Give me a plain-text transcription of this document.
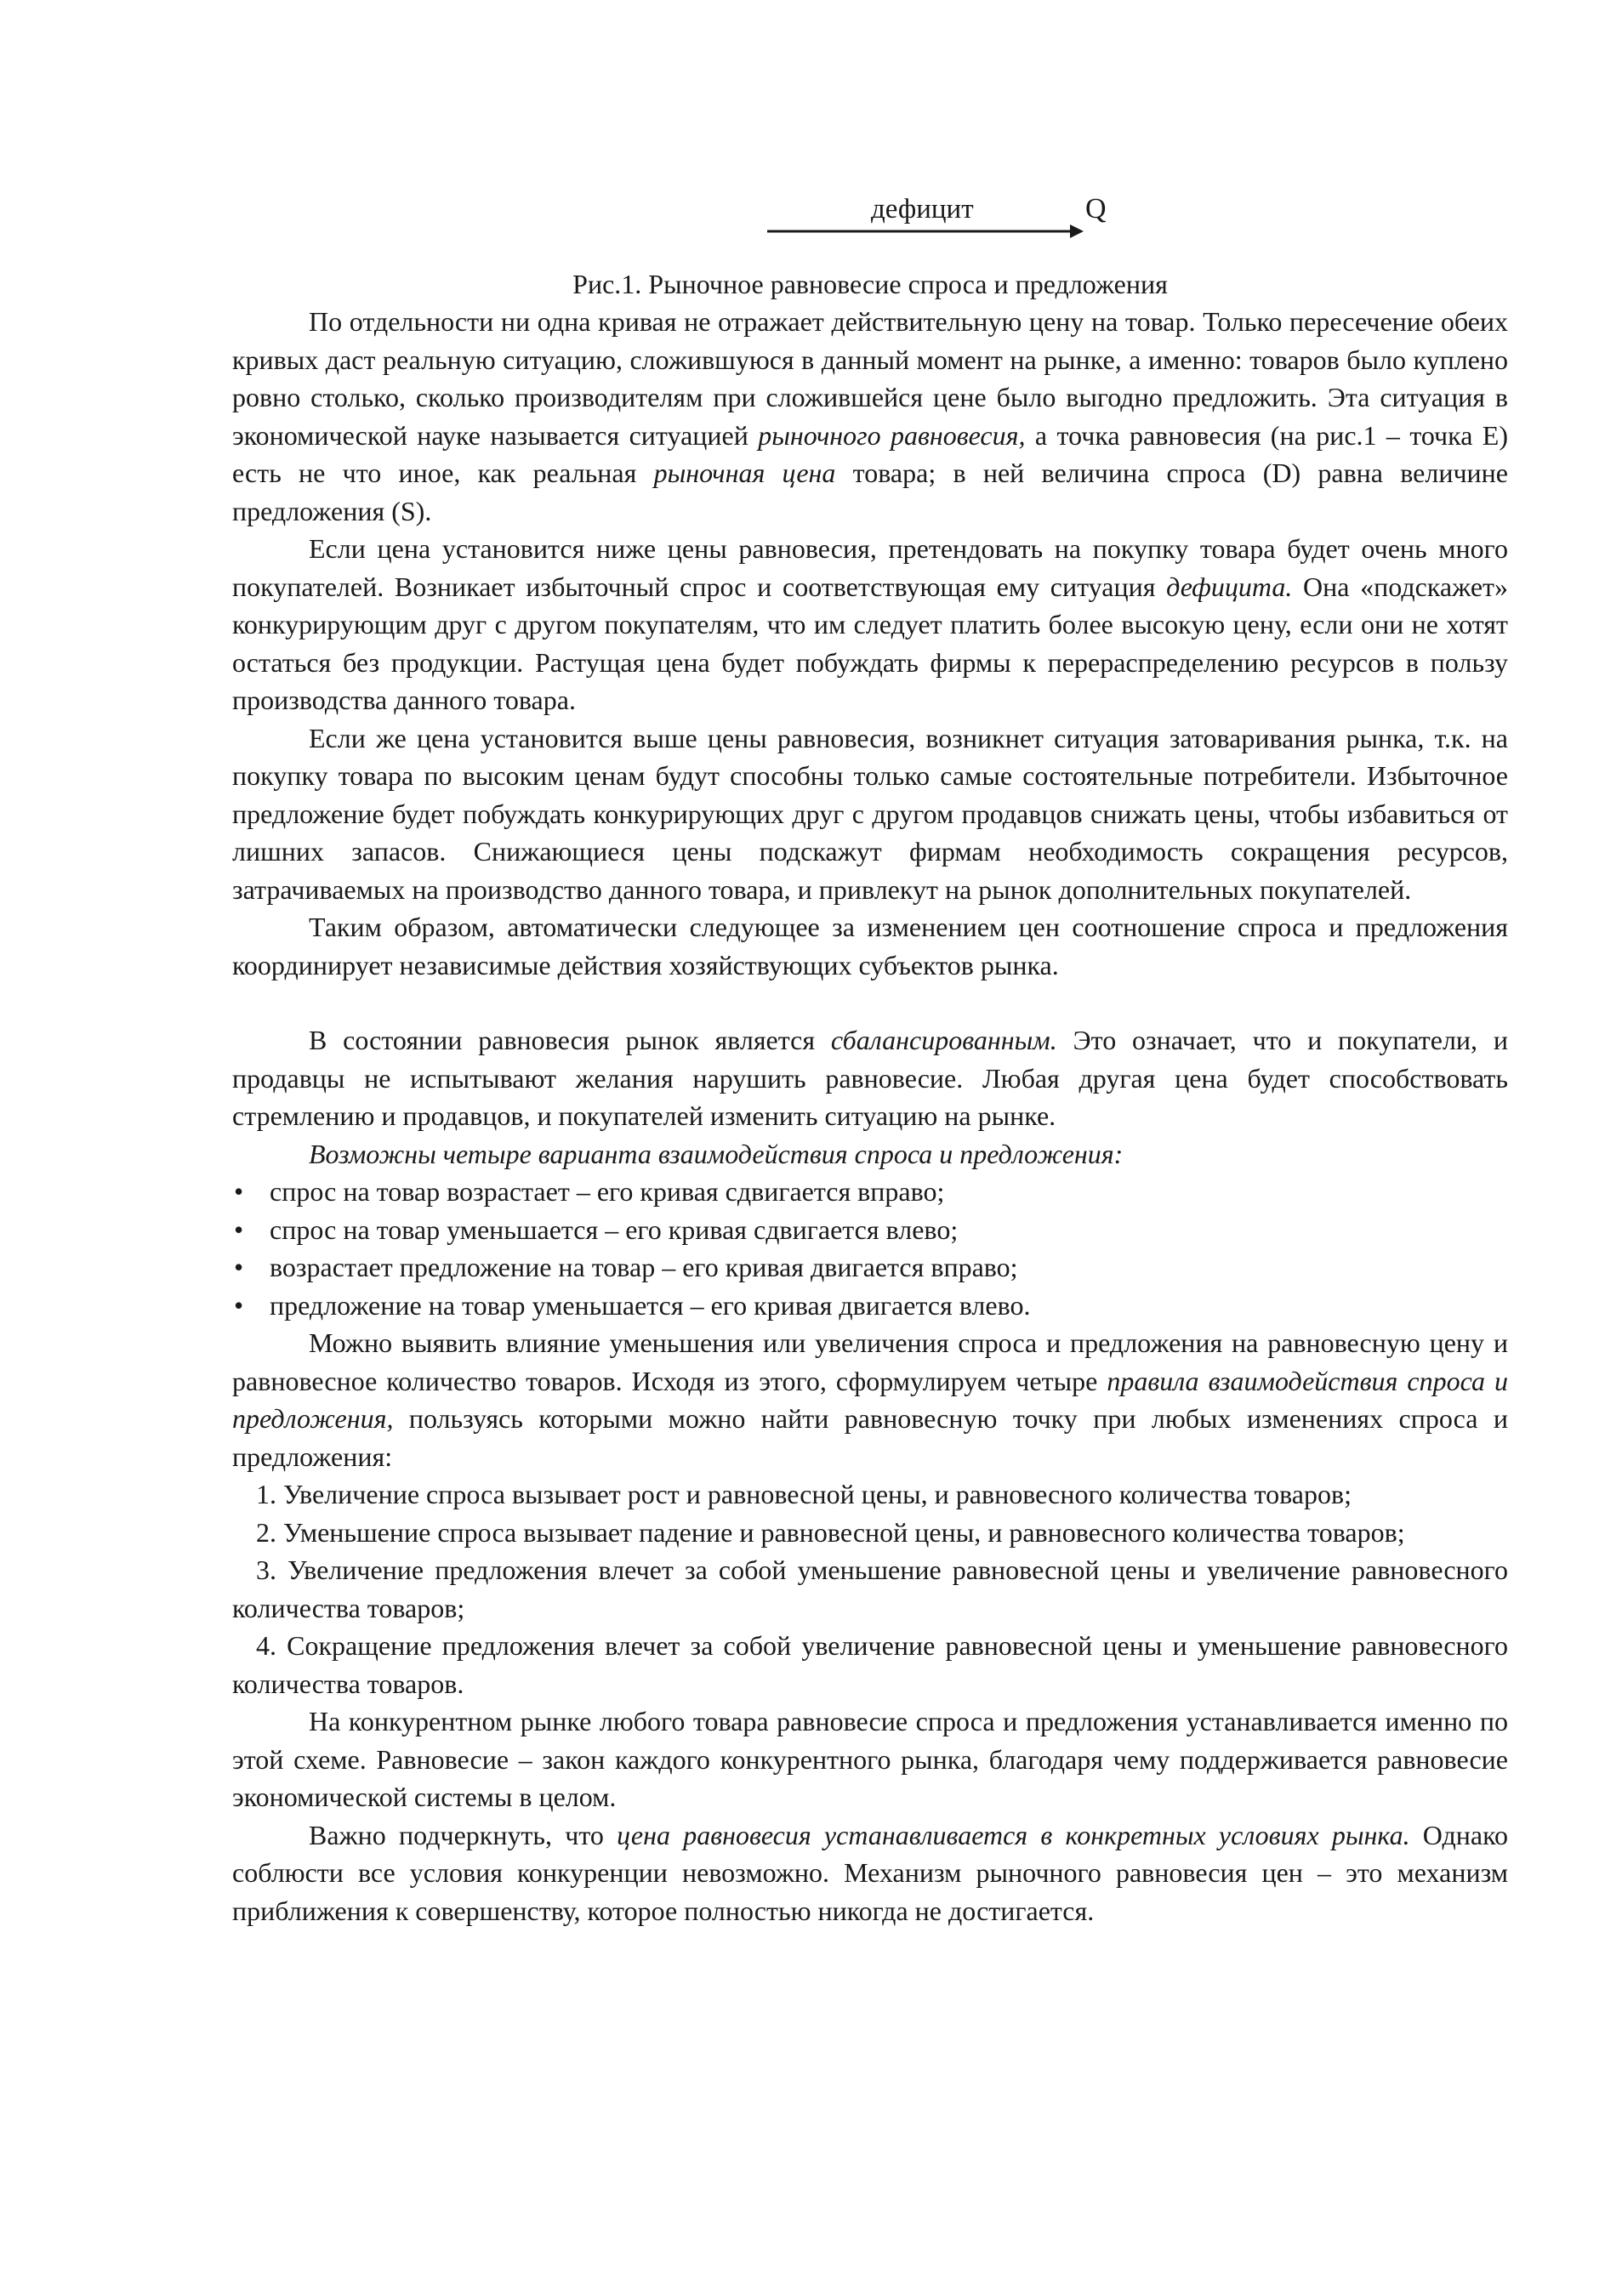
дефицит	Q
Рис.1. Рыночное равновесие спроса и предложения

По отдельности ни одна кривая не отражает действительную цену на товар. Только пересечение обеих кривых даст реальную ситуацию, сложившуюся в данный момент на рынке, а именно: товаров было куплено ровно столько, сколько производителям при сложившейся цене было выгодно предложить. Эта ситуация в экономической науке называется ситуацией рыночного равновесия, а точка равновесия (на рис.1 – точка E) есть не что иное, как реальная рыночная цена товара; в ней величина спроса (D) равна величине предложения (S).

Если цена установится ниже цены равновесия, претендовать на покупку товара будет очень много покупателей. Возникает избыточный спрос и соответствующая ему ситуация дефицита. Она «подскажет» конкурирующим друг с другом покупателям, что им следует платить более высокую цену, если они не хотят остаться без продукции. Растущая цена будет побуждать фирмы к перераспределению ресурсов в пользу производства данного товара.

Если же цена установится выше цены равновесия, возникнет ситуация затоваривания рынка, т.к. на покупку товара по высоким ценам будут способны только самые состоятельные потребители. Избыточное предложение будет побуждать конкурирующих друг с другом продавцов снижать цены, чтобы избавиться от лишних запасов. Снижающиеся цены подскажут фирмам необходимость сокращения ресурсов, затрачиваемых на производство данного товара, и привлекут на рынок дополнительных покупателей.

Таким образом, автоматически следующее за изменением цен соотношение спроса и предложения координирует независимые действия хозяйствующих субъектов рынка.

В состоянии равновесия рынок является сбалансированным. Это означает, что и покупатели, и продавцы не испытывают желания нарушить равновесие. Любая другая цена будет способствовать стремлению и продавцов, и покупателей изменить ситуацию на рынке.

Возможны четыре варианта взаимодействия спроса и предложения:

• спрос на товар возрастает – его кривая сдвигается вправо;
• спрос на товар уменьшается – его кривая сдвигается влево;
• возрастает предложение на товар – его кривая двигается вправо;
• предложение на товар уменьшается – его кривая двигается влево.

Можно выявить влияние уменьшения или увеличения спроса и предложения на равновесную цену и равновесное количество товаров. Исходя из этого, сформулируем четыре правила взаимодействия спроса и предложения, пользуясь которыми можно найти равновесную точку при любых изменениях спроса и предложения:

1. Увеличение спроса вызывает рост и равновесной цены, и равновесного количества товаров;
2. Уменьшение спроса вызывает падение и равновесной цены, и равновесного количества товаров;
3. Увеличение предложения влечет за собой уменьшение равновесной цены и увеличение равновесного количества товаров;
4. Сокращение предложения влечет за собой увеличение равновесной цены и уменьшение равновесного количества товаров.

На конкурентном рынке любого товара равновесие спроса и предложения устанавливается именно по этой схеме. Равновесие – закон каждого конкурентного рынка, благодаря чему поддерживается равновесие экономической системы в целом.

Важно подчеркнуть, что цена равновесия устанавливается в конкретных условиях рынка. Однако соблюсти все условия конкуренции невозможно. Механизм рыночного равновесия цен – это механизм приближения к совершенству, которое полностью никогда не достигается.
